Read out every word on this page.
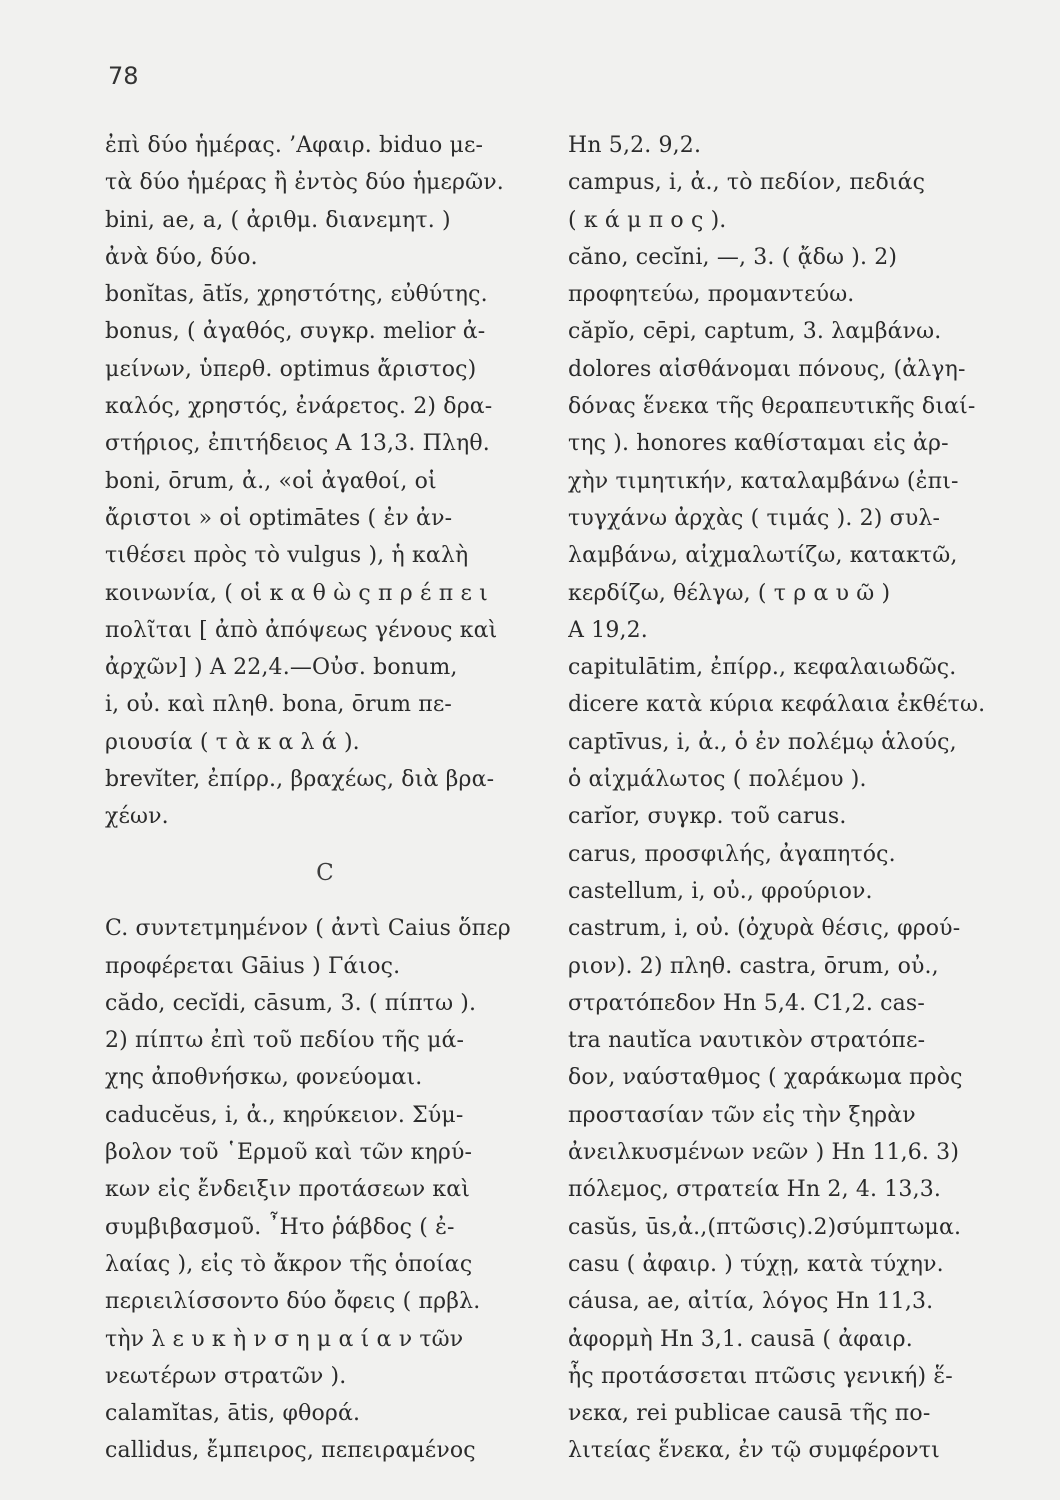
78
ἐπὶ δύο ἡμέρας. ’Αφαιρ. biduo με-
τὰ δύο ἡμέρας ἢ ἐντὸς δύο ἡμερῶν.
bini, ae, a, ( ἀριθμ. διανεμητ. )
ἀνὰ δύο, δύο.
bonĭtas, ātĭs, χρηστότης, εὐθύτης.
bonus, ( ἀγαθός, συγκρ. melior ἀ-
μείνων, ὑπερθ. optimus ἄριστος)
καλός, χρηστός, ἐνάρετος. 2) δρα-
στήριος, ἐπιτήδειος A 13,3. Πληθ.
boni, ōrum, ἀ., «οἱ ἀγαθοί, οἱ
ἄριστοι » οἱ optimātes ( ἐν ἀν-
τιθέσει πρὸς τὸ vulgus ), ἡ καλὴ
κοινωνία, ( οἱ κ α θ ὼ ς π ρ έ π ε ι
πολῖται [ ἀπὸ ἀπόψεως γένους καὶ
ἀρχῶν] ) A 22,4.—Οὐσ. bonum,
i, οὐ. καὶ πληθ. bona, ōrum πε-
ριουσία ( τ ὰ κ α λ ά ).
brevĭter, ἐπίρρ., βραχέως, διὰ βρα-
χέων.
C
C. συντετμημένον ( ἀντὶ Caius ὅπερ
προφέρεται Gāius ) Γάιος.
cădo, cecĭdi, cāsum, 3. ( πίπτω ).
2) πίπτω ἐπὶ τοῦ πεδίου τῆς μά-
χης ἀποθνήσκω, φονεύομαι.
caducĕus, i, ἀ., κηρύκειον. Σύμ-
βολον τοῦ ῾Ερμοῦ καὶ τῶν κηρύ-
κων εἰς ἔνδειξιν προτάσεων καὶ
συμβιβασμοῦ. ῏Ητο ῥάβδος ( ἐ-
λαίας ), εἰς τὸ ἄκρον τῆς ὁποίας
περιειλίσσοντο δύο ὄφεις ( πρβλ.
τὴν λ ε υ κ ὴ ν σ η μ α ί α ν τῶν
νεωτέρων στρατῶν ).
calamĭtas, ātis, φθορά.
callidus, ἔμπειρος, πεπειραμένος
Hn 5,2. 9,2.
campus, i, ἀ., τὸ πεδίον, πεδιάς
( κ ά μ π ο ς ).
căno, cecĭni, —, 3. ( ᾄδω ). 2)
προφητεύω, προμαντεύω.
căpĭo, cēpi, captum, 3. λαμβάνω.
dolores αἰσθάνομαι πόνους, (ἀλγη-
δόνας ἕνεκα τῆς θεραπευτικῆς διαί-
της ). honores καθίσταμαι εἰς ἀρ-
χὴν τιμητικήν, καταλαμβάνω (ἐπι-
τυγχάνω ἀρχὰς ( τιμάς ). 2) συλ-
λαμβάνω, αἰχμαλωτίζω, κατακτῶ,
κερδίζω, θέλγω, ( τ ρ α υ ῶ )
A 19,2.
capitulātim, ἐπίρρ., κεφαλαιωδῶς.
dicere κατὰ κύρια κεφάλαια ἐκθέτω.
captīvus, i, ἀ., ὁ ἐν πολέμῳ ἁλούς,
ὁ αἰχμάλωτος ( πολέμου ).
carĭor, συγκρ. τοῦ carus.
carus, προσφιλής, ἀγαπητός.
castellum, i, οὐ., φρούριον.
castrum, i, οὐ. (ὀχυρὰ θέσις, φρού-
ριον). 2) πληθ. castra, ōrum, οὐ.,
στρατόπεδον Hn 5,4. C1,2. cas-
tra nautĭca ναυτικὸν στρατόπε-
δον, ναύσταθμος ( χαράκωμα πρὸς
προστασίαν τῶν εἰς τὴν ξηρὰν
ἀνειλκυσμένων νεῶν ) Hn 11,6. 3)
πόλεμος, στρατεία Hn 2, 4. 13,3.
casŭs, ūs,ἀ.,(πτῶσις).2)σύμπτωμα.
casu ( ἀφαιρ. ) τύχῃ, κατὰ τύχην.
cáusa, ae, αἰτία, λόγος Hn 11,3.
ἀφορμὴ Hn 3,1. causā ( ἀφαιρ.
ἧς προτάσσεται πτῶσις γενική) ἕ-
νεκα, rei publicae causā τῆς πο-
λιτείας ἕνεκα, ἐν τῷ συμφέροντι
